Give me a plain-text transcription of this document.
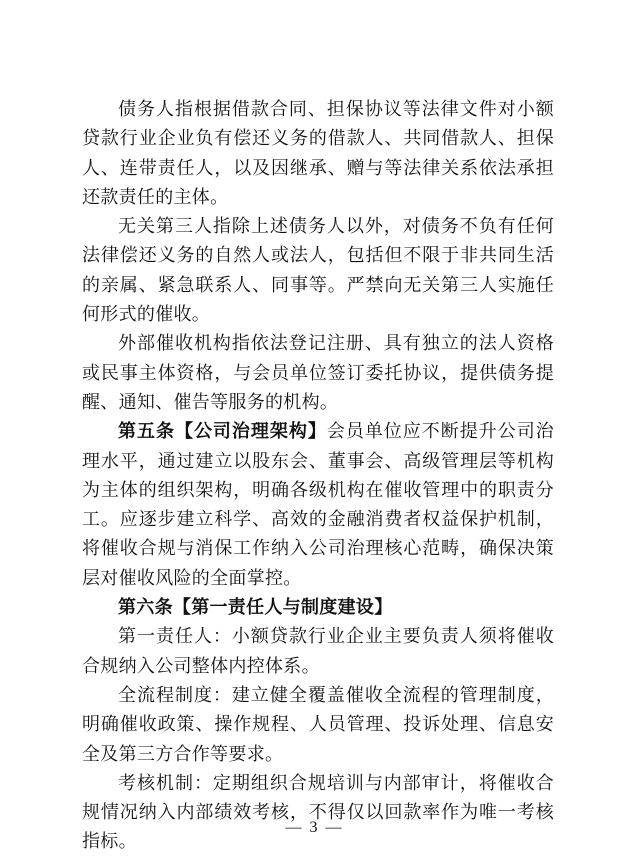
债务人指根据借款合同、担保协议等法律文件对小额贷款行业企业负有偿还义务的借款人、共同借款人、担保人、连带责任人，以及因继承、赠与等法律关系依法承担还款责任的主体。

无关第三人指除上述债务人以外，对债务不负有任何法律偿还义务的自然人或法人，包括但不限于非共同生活的亲属、紧急联系人、同事等。严禁向无关第三人实施任何形式的催收。

外部催收机构指依法登记注册、具有独立的法人资格或民事主体资格，与会员单位签订委托协议，提供债务提醒、通知、催告等服务的机构。

第五条【公司治理架构】会员单位应不断提升公司治理水平，通过建立以股东会、董事会、高级管理层等机构为主体的组织架构，明确各级机构在催收管理中的职责分工。应逐步建立科学、高效的金融消费者权益保护机制，将催收合规与消保工作纳入公司治理核心范畴，确保决策层对催收风险的全面掌控。

第六条【第一责任人与制度建设】

第一责任人：小额贷款行业企业主要负责人须将催收合规纳入公司整体内控体系。

全流程制度：建立健全覆盖催收全流程的管理制度，明确催收政策、操作规程、人员管理、投诉处理、信息安全及第三方合作等要求。

考核机制：定期组织合规培训与内部审计，将催收合规情况纳入内部绩效考核，不得仅以回款率作为唯一考核指标。

— 3 —
